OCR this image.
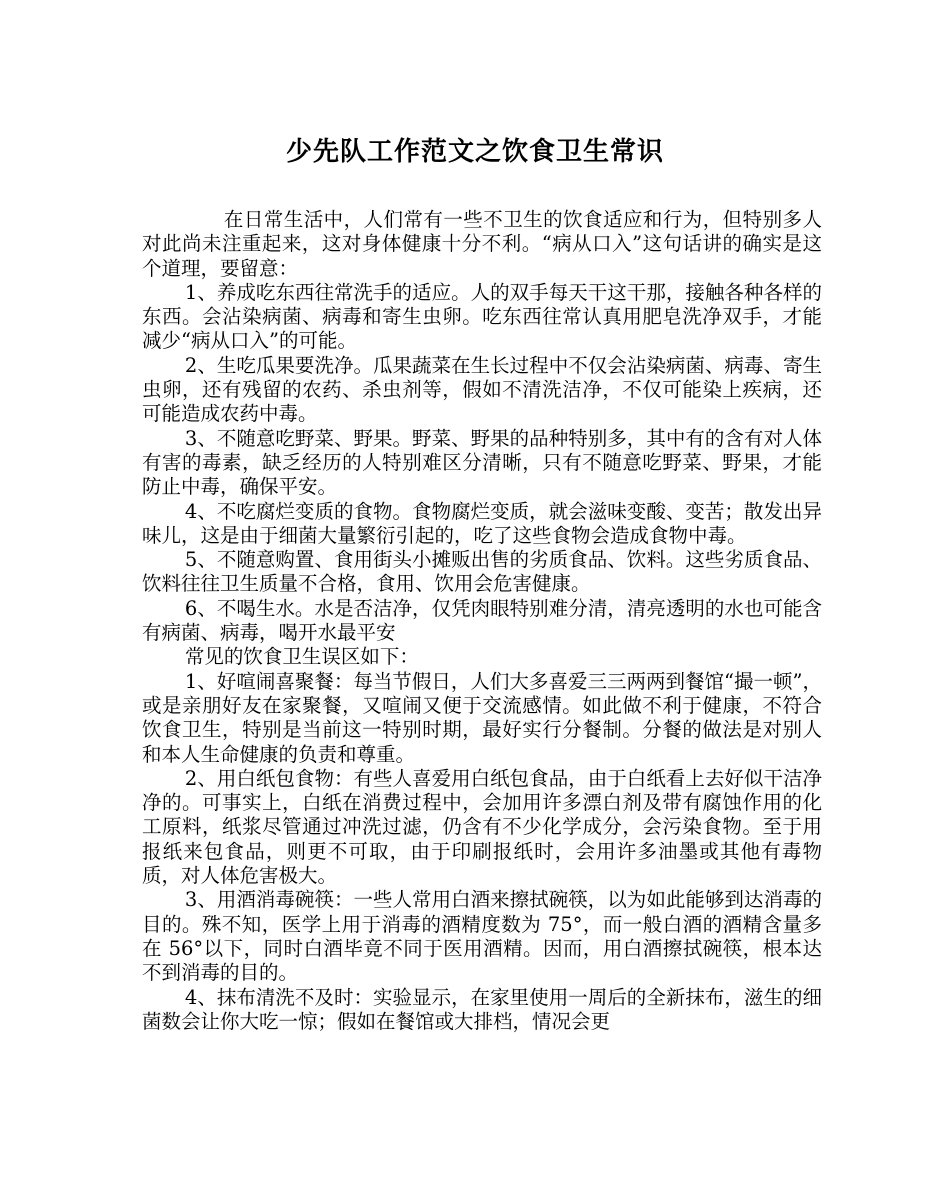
少先队工作范文之饮食卫生常识

在日常生活中，人们常有一些不卫生的饮食适应和行为，但特别多人对此尚未注重起来，这对身体健康十分不利。“病从口入”这句话讲的确实是这个道理，要留意：

1、养成吃东西往常洗手的适应。人的双手每天干这干那，接触各种各样的东西。会沾染病菌、病毒和寄生虫卵。吃东西往常认真用肥皂洗净双手，才能减少“病从口入”的可能。

2、生吃瓜果要洗净。瓜果蔬菜在生长过程中不仅会沾染病菌、病毒、寄生虫卵，还有残留的农药、杀虫剂等，假如不清洗洁净，不仅可能染上疾病，还可能造成农药中毒。

3、不随意吃野菜、野果。野菜、野果的品种特别多，其中有的含有对人体有害的毒素，缺乏经历的人特别难区分清晰，只有不随意吃野菜、野果，才能防止中毒，确保平安。

4、不吃腐烂变质的食物。食物腐烂变质，就会滋味变酸、变苦；散发出异味儿，这是由于细菌大量繁衍引起的，吃了这些食物会造成食物中毒。

5、不随意购置、食用街头小摊贩出售的劣质食品、饮料。这些劣质食品、饮料往往卫生质量不合格，食用、饮用会危害健康。

6、不喝生水。水是否洁净，仅凭肉眼特别难分清，清亮透明的水也可能含有病菌、病毒，喝开水最平安

常见的饮食卫生误区如下：

1、好喧闹喜聚餐：每当节假日，人们大多喜爱三三两两到餐馆“撮一顿”，或是亲朋好友在家聚餐，又喧闹又便于交流感情。如此做不利于健康，不符合饮食卫生，特别是当前这一特别时期，最好实行分餐制。分餐的做法是对别人和本人生命健康的负责和尊重。

2、用白纸包食物：有些人喜爱用白纸包食品，由于白纸看上去好似干洁净净的。可事实上，白纸在消费过程中，会加用许多漂白剂及带有腐蚀作用的化工原料，纸浆尽管通过冲洗过滤，仍含有不少化学成分，会污染食物。至于用报纸来包食品，则更不可取，由于印刷报纸时，会用许多油墨或其他有毒物质，对人体危害极大。

3、用酒消毒碗筷：一些人常用白酒来擦拭碗筷，以为如此能够到达消毒的目的。殊不知，医学上用于消毒的酒精度数为 75°，而一般白酒的酒精含量多在 56°以下，同时白酒毕竟不同于医用酒精。因而，用白酒擦拭碗筷，根本达不到消毒的目的。

4、抹布清洗不及时：实验显示，在家里使用一周后的全新抹布，滋生的细菌数会让你大吃一惊；假如在餐馆或大排档，情况会更
